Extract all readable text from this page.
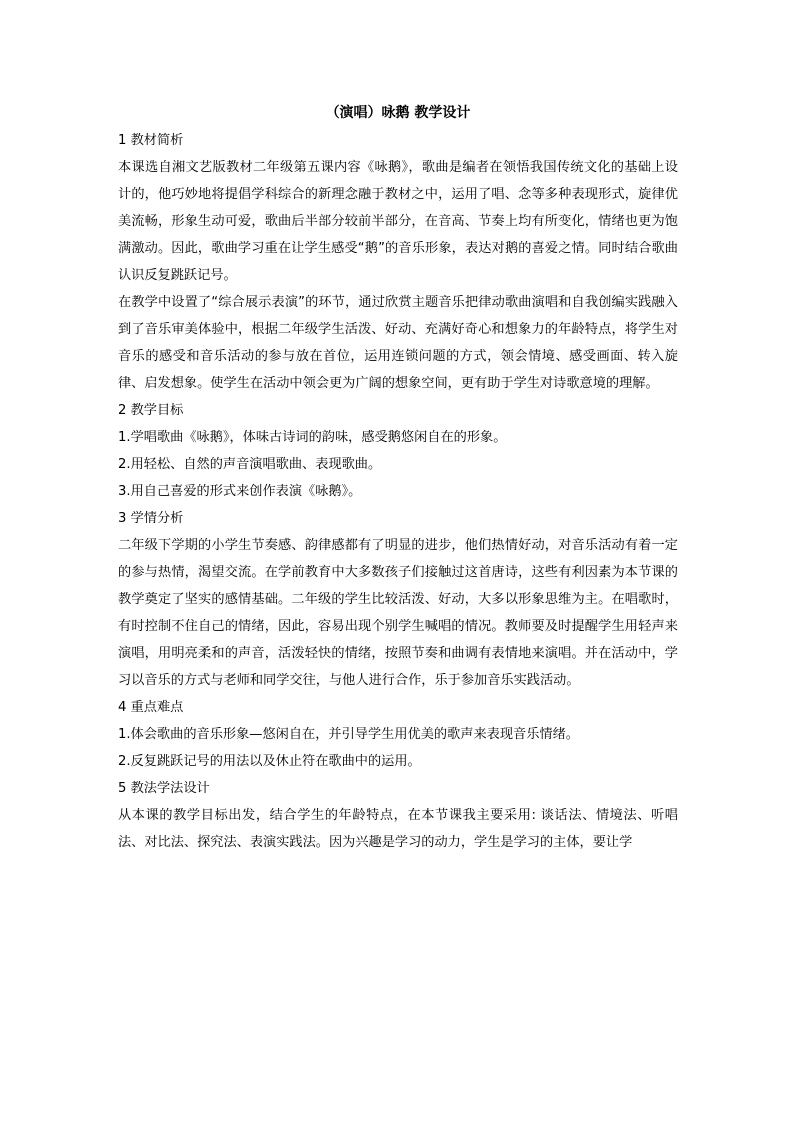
（演唱）咏鹅 教学设计

1 教材简析

本课选自湘文艺版教材二年级第五课内容《咏鹅》，歌曲是编者在领悟我国传统文化的基础上设计的，他巧妙地将提倡学科综合的新理念融于教材之中，运用了唱、念等多种表现形式，旋律优美流畅，形象生动可爱，歌曲后半部分较前半部分，在音高、节奏上均有所变化，情绪也更为饱满激动。因此，歌曲学习重在让学生感受“鹅”的音乐形象，表达对鹅的喜爱之情。同时结合歌曲认识反复跳跃记号。

在教学中设置了“综合展示表演”的环节，通过欣赏主题音乐把律动歌曲演唱和自我创编实践融入到了音乐审美体验中，根据二年级学生活泼、好动、充满好奇心和想象力的年龄特点，将学生对音乐的感受和音乐活动的参与放在首位，运用连锁问题的方式，领会情境、感受画面、转入旋律、启发想象。使学生在活动中领会更为广阔的想象空间，更有助于学生对诗歌意境的理解。

2 教学目标

1.学唱歌曲《咏鹅》，体味古诗词的韵味，感受鹅悠闲自在的形象。

2.用轻松、自然的声音演唱歌曲、表现歌曲。

3.用自己喜爱的形式来创作表演《咏鹅》。

3 学情分析

二年级下学期的小学生节奏感、韵律感都有了明显的进步，他们热情好动，对音乐活动有着一定的参与热情，渴望交流。在学前教育中大多数孩子们接触过这首唐诗，这些有利因素为本节课的教学奠定了坚实的感情基础。二年级的学生比较活泼、好动，大多以形象思维为主。在唱歌时，有时控制不住自己的情绪，因此，容易出现个别学生喊唱的情况。教师要及时提醒学生用轻声来演唱，用明亮柔和的声音，活泼轻快的情绪，按照节奏和曲调有表情地来演唱。并在活动中，学习以音乐的方式与老师和同学交往，与他人进行合作，乐于参加音乐实践活动。

4 重点难点

1.体会歌曲的音乐形象—悠闲自在，并引导学生用优美的歌声来表现音乐情绪。

2.反复跳跃记号的用法以及休止符在歌曲中的运用。

5 教法学法设计

从本课的教学目标出发，结合学生的年龄特点，在本节课我主要采用: 谈话法、情境法、听唱法、对比法、探究法、表演实践法。因为兴趣是学习的动力，学生是学习的主体，要让学
